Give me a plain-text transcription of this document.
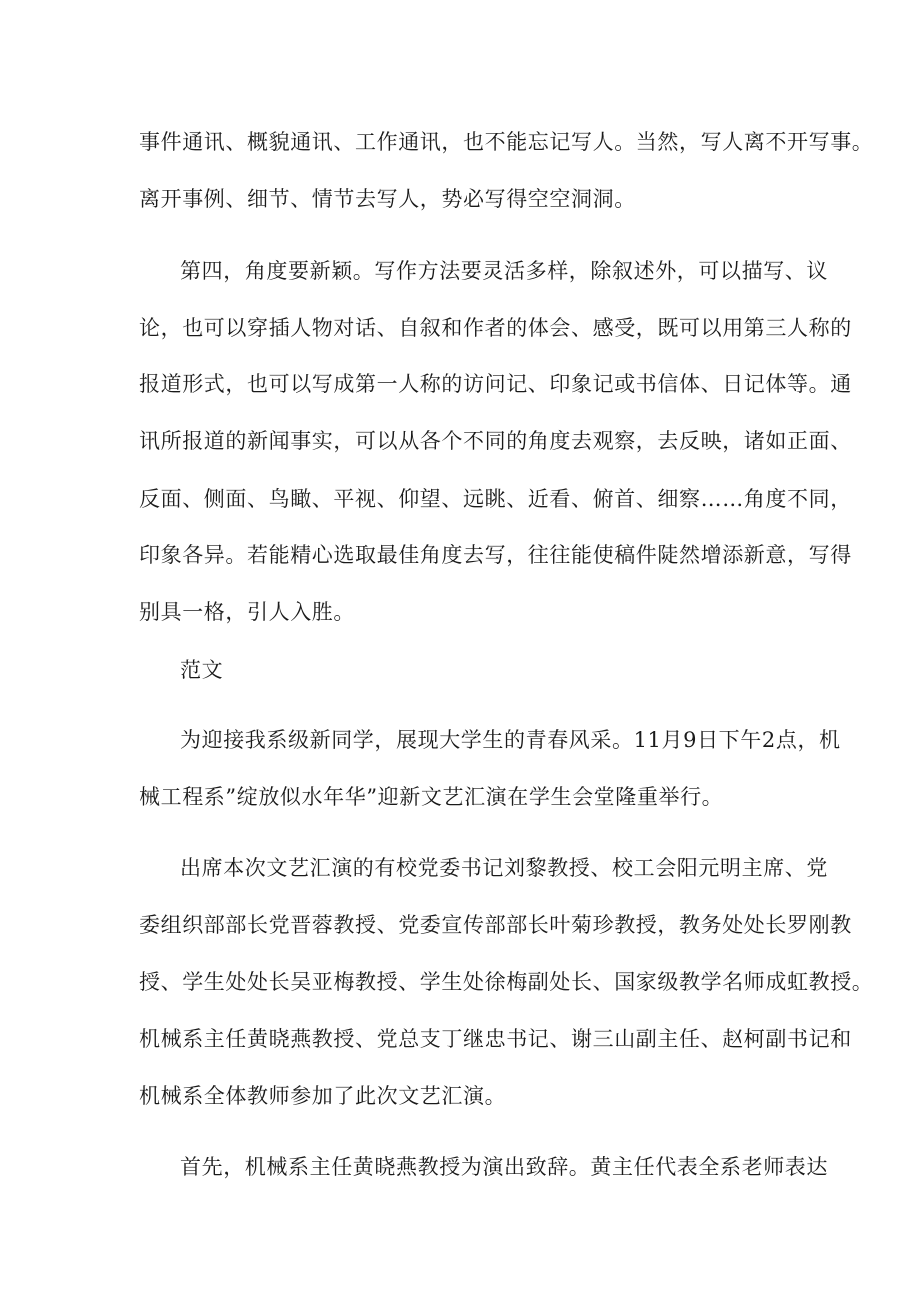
事件通讯、概貌通讯、工作通讯，也不能忘记写人。当然，写人离不开写事。
离开事例、细节、情节去写人，势必写得空空洞洞。
第四，角度要新颖。写作方法要灵活多样，除叙述外，可以描写、议
论，也可以穿插人物对话、自叙和作者的体会、感受，既可以用第三人称的
报道形式，也可以写成第一人称的访问记、印象记或书信体、日记体等。通
讯所报道的新闻事实，可以从各个不同的角度去观察，去反映，诸如正面、
反面、侧面、鸟瞰、平视、仰望、远眺、近看、俯首、细察……角度不同，
印象各异。若能精心选取最佳角度去写，往往能使稿件陡然增添新意，写得
别具一格，引人入胜。
范文
为迎接我系级新同学，展现大学生的青春风采。11月9日下午2点，机
械工程系”绽放似水年华”迎新文艺汇演在学生会堂隆重举行。
出席本次文艺汇演的有校党委书记刘黎教授、校工会阳元明主席、党
委组织部部长党晋蓉教授、党委宣传部部长叶菊珍教授，教务处处长罗刚教
授、学生处处长吴亚梅教授、学生处徐梅副处长、国家级教学名师成虹教授。
机械系主任黄晓燕教授、党总支丁继忠书记、谢三山副主任、赵柯副书记和
机械系全体教师参加了此次文艺汇演。
首先，机械系主任黄晓燕教授为演出致辞。黄主任代表全系老师表达
